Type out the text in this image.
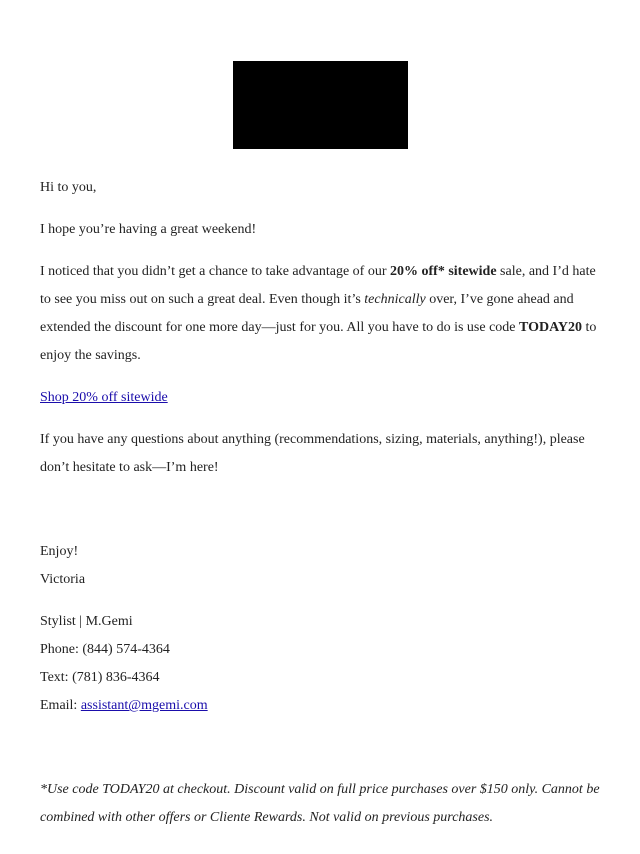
Hi to you,

I hope you’re having a great weekend!

I noticed that you didn’t get a chance to take advantage of our 20% off* sitewide sale, and I’d hate to see you miss out on such a great deal. Even though it’s technically over, I’ve gone ahead and extended the discount for one more day—just for you. All you have to do is use code TODAY20 to enjoy the savings.

Shop 20% off sitewide

If you have any questions about anything (recommendations, sizing, materials, anything!), please don’t hesitate to ask—I’m here!

Enjoy!

Victoria

Stylist | M.Gemi

Phone: (844) 574-4364

Text: (781) 836-4364

Email: assistant@mgemi.com

*Use code TODAY20 at checkout. Discount valid on full price purchases over $150 only. Cannot be combined with other offers or Cliente Rewards. Not valid on previous purchases.
